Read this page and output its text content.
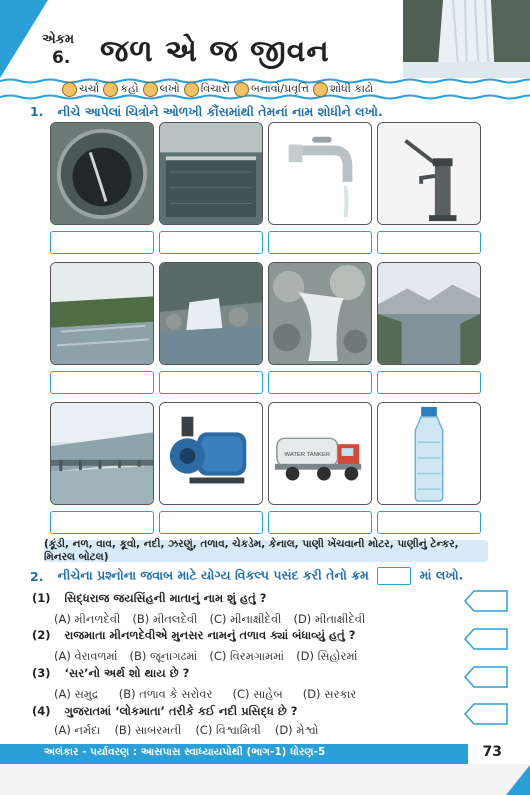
એકમ
6. જળ એ જ જીવન
ચર્ચા કહો લખો વિચારો બનાવો/પ્રવૃત્તિ શોધી કાઢો
1. નીચે આપેલાં ચિત્રોને ઓળખી કૌંસમાંથી તેમનાં નામ શોધીને લખો.
WATER TANKER
(કૂંડી, નળ, વાવ, કૂવો, નદી, ઝરણું, તળાવ, ચેકડેમ, કેનાલ, પાણી ખેંચવાની મોટર, પાણીનું ટેન્કર, મિનરલ બોટલ)
2. નીચેના પ્રશ્નોના જવાબ માટે યોગ્ય વિકલ્પ પસંદ કરી તેનો ક્રમ	માં લખો.
(1) સિદ્ધરાજ જયસિંહની માતાનું નામ શું હતું ?
(A) મીનળદેવી (B) મીતલદેવી (C) મીનાક્ષીદેવી (D) મીતાક્ષીદેવી
(2) રાજમાતા મીનળદેવીએ મુનસર નામનું તળાવ ક્યાં બંધાવ્યું હતું ?
(A) વેરાવળમાં (B) જૂનાગઢમાં (C) વિરમગામમાં (D) સિહોરમાં
(3) ‘સર’નો અર્થ શો થાય છે ?
(A) સમુદ્ર (B) તળાવ કે સરોવર (C) સાહેબ (D) સરકાર
(4) ગુજરાતમાં ‘લોકમાતા’ તરીકે કઈ નદી પ્રસિદ્ધ છે ?
(A) નર્મદા (B) સાબરમતી (C) વિશ્વામિત્રી (D) મેશ્વો
અલંકાર - પર્યાવરણ : આસપાસ સ્વાધ્યાયપોથી (ભાગ-1) ધોરણ-5	73
